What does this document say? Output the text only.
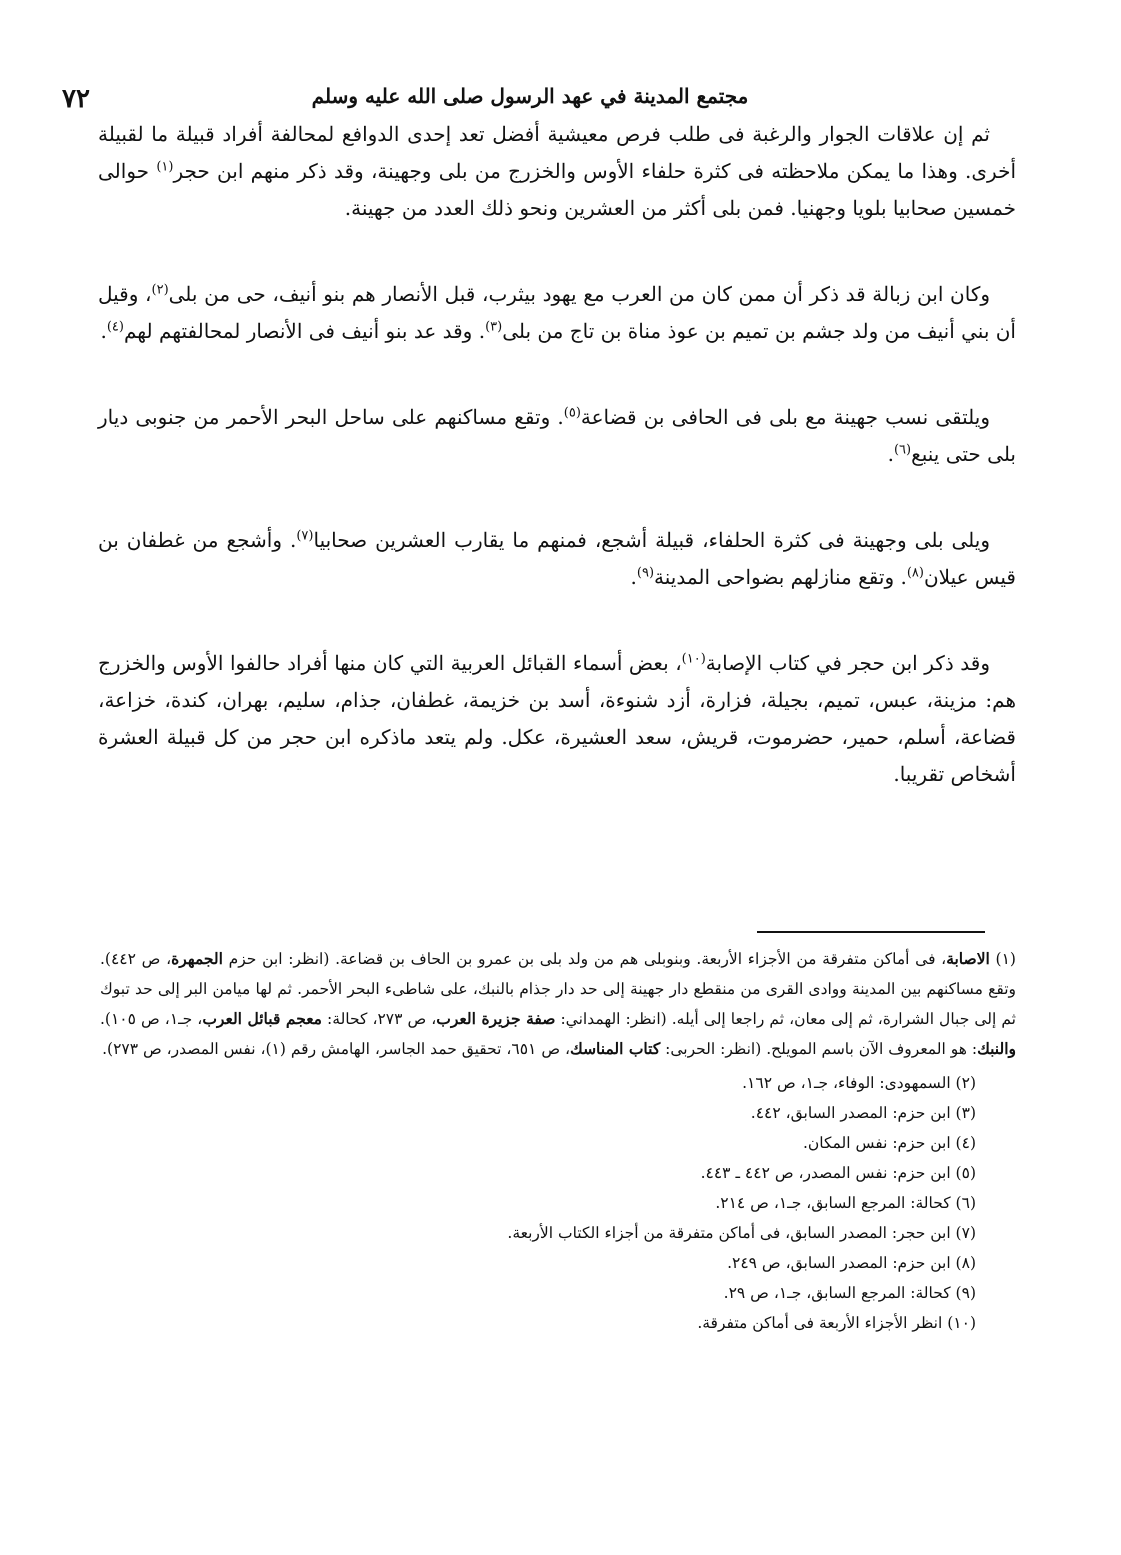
٧٢	مجتمع المدينة في عهد الرسول صلى الله عليه وسلم

ثم إن علاقات الجوار والرغبة فى طلب فرص معيشية أفضل تعد إحدى الدوافع لمحالفة أفراد قبيلة ما لقبيلة أخرى. وهذا ما يمكن ملاحظته فى كثرة حلفاء الأوس والخزرج من بلى وجهينة، وقد ذكر منهم ابن حجر$^{(١)}$ حوالى خمسين صحابيا بلويا وجهنيا. فمن بلى أكثر من العشرين ونحو ذلك العدد من جهينة.

وكان ابن زبالة قد ذكر أن ممن كان من العرب مع يهود بيثرب، قبل الأنصار هم بنو أنيف، حى من بلى$^{(٢)}$، وقيل أن بني أنيف من ولد جشم بن تميم بن عوذ مناة بن تاج من بلى$^{(٣)}$. وقد عد بنو أنيف فى الأنصار لمحالفتهم لهم$^{(٤)}$.

ويلتقى نسب جهينة مع بلى فى الحافى بن قضاعة$^{(٥)}$. وتقع مساكنهم على ساحل البحر الأحمر من جنوبى ديار بلى حتى ينبع$^{(٦)}$.

ويلى بلى وجهينة فى كثرة الحلفاء، قبيلة أشجع، فمنهم ما يقارب العشرين صحابيا$^{(٧)}$. وأشجع من غطفان بن قيس عيلان$^{(٨)}$. وتقع منازلهم بضواحى المدينة$^{(٩)}$.

وقد ذكر ابن حجر في كتاب الإصابة$^{(١٠)}$، بعض أسماء القبائل العربية التي كان منها أفراد حالفوا الأوس والخزرج هم: مزينة، عبس، تميم، بجيلة، فزارة، أزد شنوءة، أسد بن خزيمة، غطفان، جذام، سليم، بهران، كندة، خزاعة، قضاعة، أسلم، حمير، حضرموت، قريش، سعد العشيرة، عكل. ولم يتعد ماذكره ابن حجر من كل قبيلة العشرة أشخاص تقريبا.

(١) الاصابة، فى أماكن متفرقة من الأجزاء الأربعة. وبنوبلى هم من ولد بلى بن عمرو بن الحاف بن قضاعة. (انظر: ابن حزم الجمهرة، ص ٤٤٢). وتقع مساكنهم بين المدينة ووادى القرى من منقطع دار جهينة إلى حد دار جذام بالنبك، على شاطىء البحر الأحمر. ثم لها ميامن البر إلى حد تبوك ثم إلى جبال الشرارة، ثم إلى معان، ثم راجعا إلى أيله. (انظر: الهمداني: صفة جزيرة العرب، ص ٢٧٣، كحالة: معجم قبائل العرب، جـ١، ص ١٠٥). والنبك: هو المعروف الآن باسم المويلح. (انظر: الحربى: كتاب المناسك، ص ٦٥١، تحقيق حمد الجاسر، الهامش رقم (١)، نفس المصدر، ص ٢٧٣).

(٢) السمهودى: الوفاء، جـ١، ص ١٦٢.

(٣) ابن حزم: المصدر السابق، ٤٤٢.

(٤) ابن حزم: نفس المكان.

(٥) ابن حزم: نفس المصدر، ص ٤٤٢ ـ ٤٤٣.

(٦) كحالة: المرجع السابق، جـ١، ص ٢١٤.

(٧) ابن حجر: المصدر السابق، فى أماكن متفرقة من أجزاء الكتاب الأربعة.

(٨) ابن حزم: المصدر السابق، ص ٢٤٩.

(٩) كحالة: المرجع السابق، جـ١، ص ٢٩.

(١٠) انظر الأجزاء الأربعة فى أماكن متفرقة.
